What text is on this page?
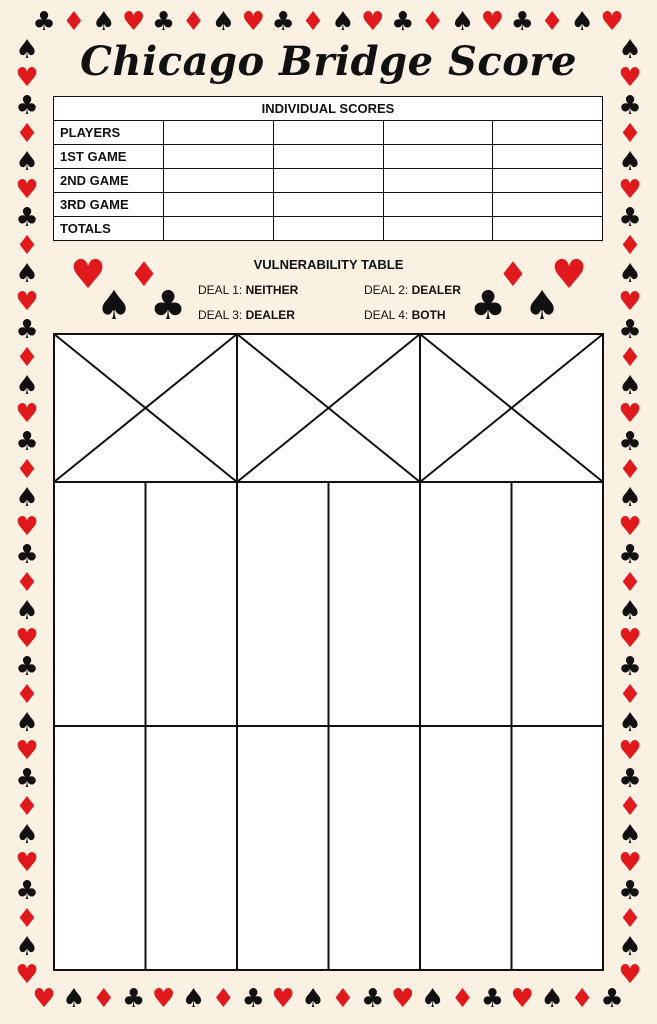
♣ ♦ ♠ ♥ ♣ ♦ ♠ ♥ ♣ ♦ ♠ ♥ ♣ ♦ ♠ ♥ ♣ ♦ ♠ ♥
♥ ♠ ♦ ♣ ♥ ♠ ♦ ♣ ♥ ♠ ♦ ♣ ♥ ♠ ♦ ♣ ♥ ♠ ♦ ♣
♠	♠
♥	♥
♣	♣
♦	♦
♠	♠
♥	♥
♣	♣
♦	♦
♠	♠
♥	♥
♣	♣
♦	♦
♠	♠
♥	♥
♣	♣
♦	♦
♠	♠
♥	♥
♣	♣
♦	♦
♠	♠
♥	♥
♣	♣
♦	♦
♠	♠
♥	♥
♣	♣
♦	♦
♠	♠
♥	♥
♣	♣
♦	♦
♠	♠
♥	♥
Chicago Bridge Score
INDIVIDUAL SCORES				
PLAYERS				
1ST GAME				
2ND GAME				
3RD GAME				
TOTALS				
♥ ♦
♠ ♣
♦ ♥
♣ ♠
VULNERABILITY TABLE
DEAL 1: NEITHER	DEAL 2: DEALER
DEAL 3: DEALER	DEAL 4: BOTH
